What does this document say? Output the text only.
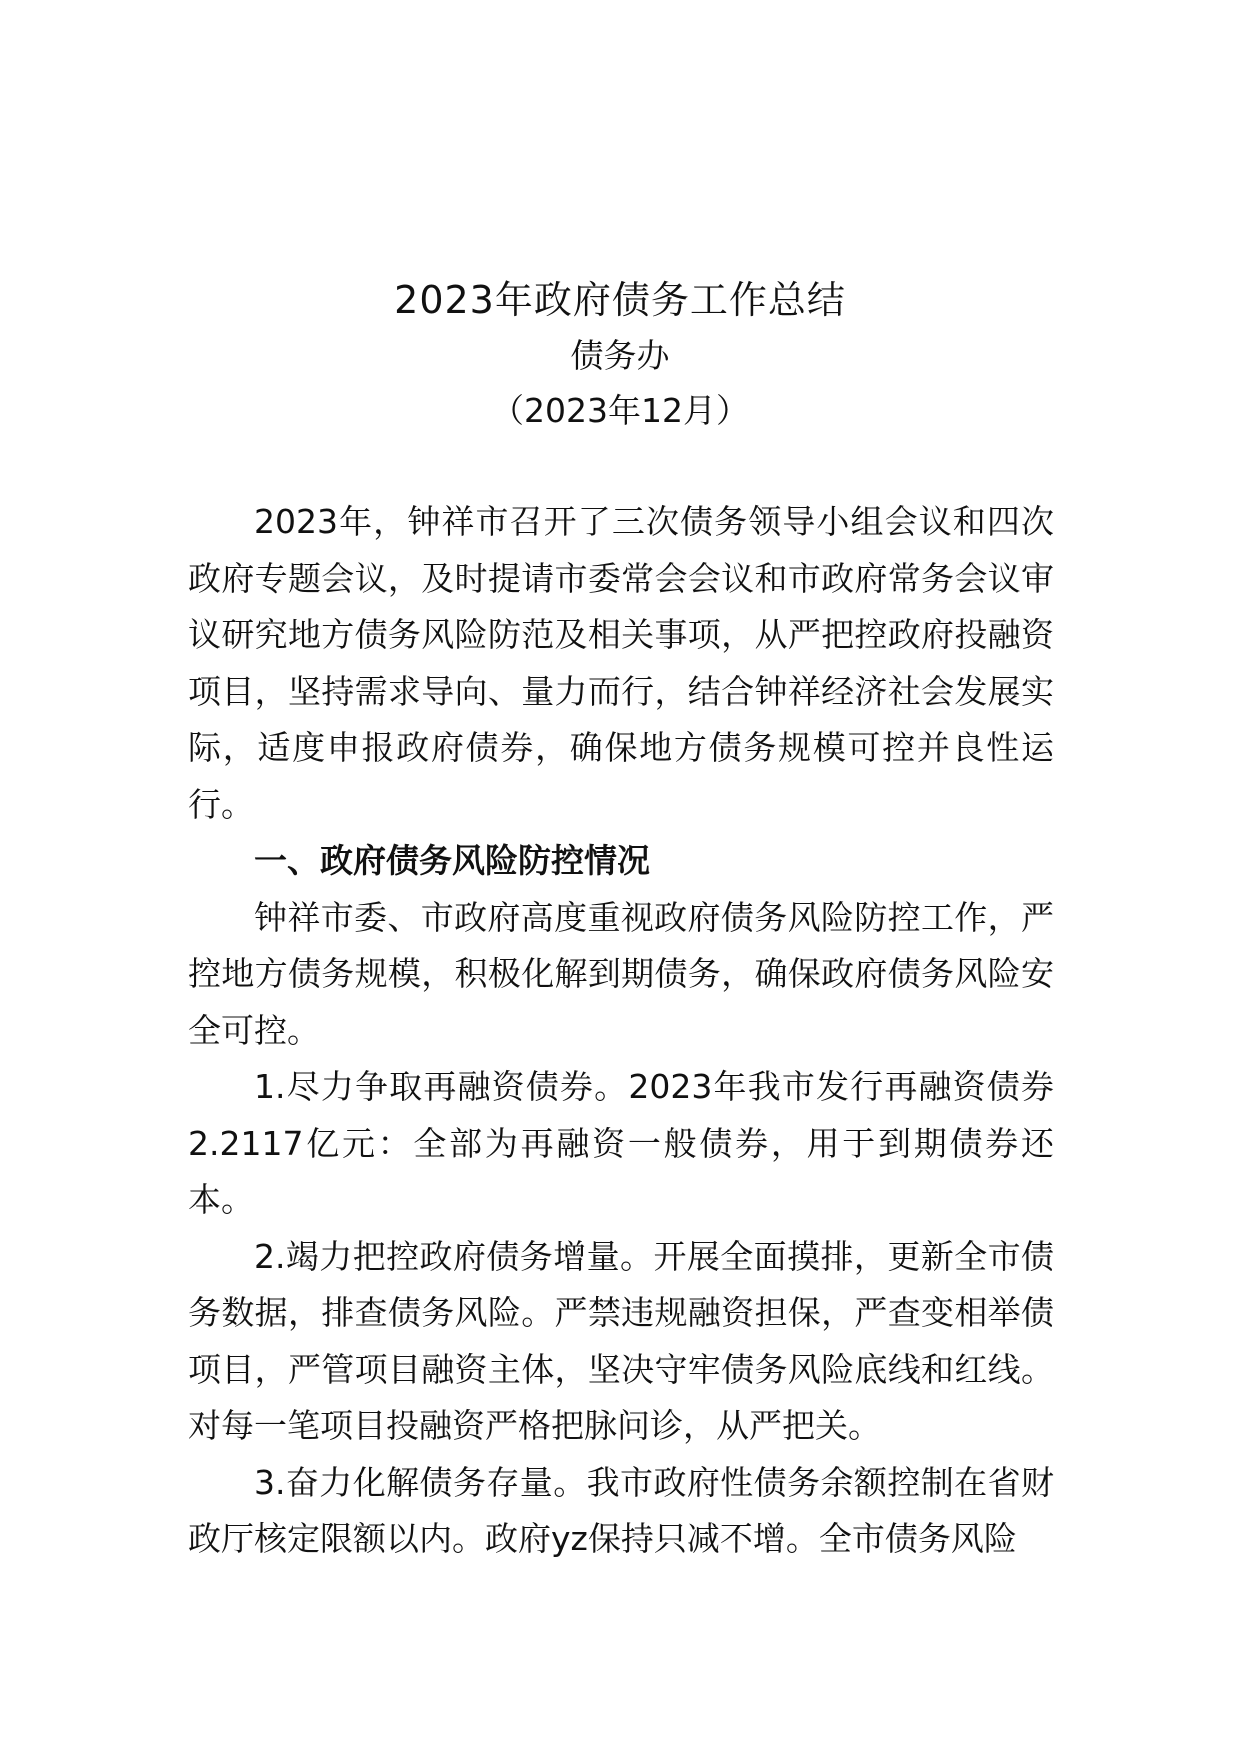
2023年政府债务工作总结
债务办
（2023年12月）

2023年，钟祥市召开了三次债务领导小组会议和四次政府专题会议，及时提请市委常会会议和市政府常务会议审议研究地方债务风险防范及相关事项，从严把控政府投融资项目，坚持需求导向、量力而行，结合钟祥经济社会发展实际，适度申报政府债券，确保地方债务规模可控并良性运行。

一、政府债务风险防控情况

钟祥市委、市政府高度重视政府债务风险防控工作，严控地方债务规模，积极化解到期债务，确保政府债务风险安全可控。

1.尽力争取再融资债券。2023年我市发行再融资债券2.2117亿元：全部为再融资一般债券，用于到期债券还本。

2.竭力把控政府债务增量。开展全面摸排，更新全市债务数据，排查债务风险。严禁违规融资担保，严查变相举债项目，严管项目融资主体，坚决守牢债务风险底线和红线。对每一笔项目投融资严格把脉问诊，从严把关。

3.奋力化解债务存量。我市政府性债务余额控制在省财政厅核定限额以内。政府yz保持只减不增。全市债务风险
